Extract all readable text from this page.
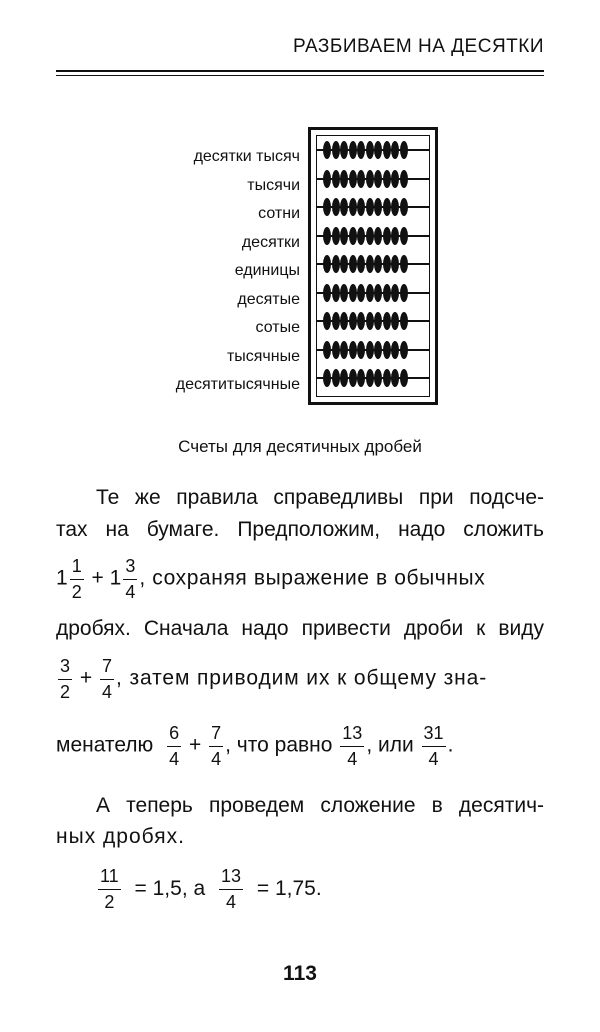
РАЗБИВАЕМ НА ДЕСЯТКИ
десятки тысяч
тысячи
сотни
десятки
единицы
десятые
сотые
тысячные
десятитысячные
Счеты для десятичных дробей
Те же правила справедливы при подсче-
тах на бумаге. Предположим, надо сложить
$1 \frac{1}{2} + 1 \frac{3}{4}$ , сохраняя выражение в обычных
дробях. Сначала надо привести дроби к виду
$\frac{3}{2} + \frac{7}{4}$ , затем приводим их к общему зна-
менателю $\frac{6}{4} + \frac{7}{4}$ , что равно $\frac{13}{4}$ , или $\frac{31}{4}$ .
А теперь проведем сложение в десятич-
ных дробях.
$\frac{11}{2} = 1,5$, а $\frac{13}{4} = 1,75$.
113
